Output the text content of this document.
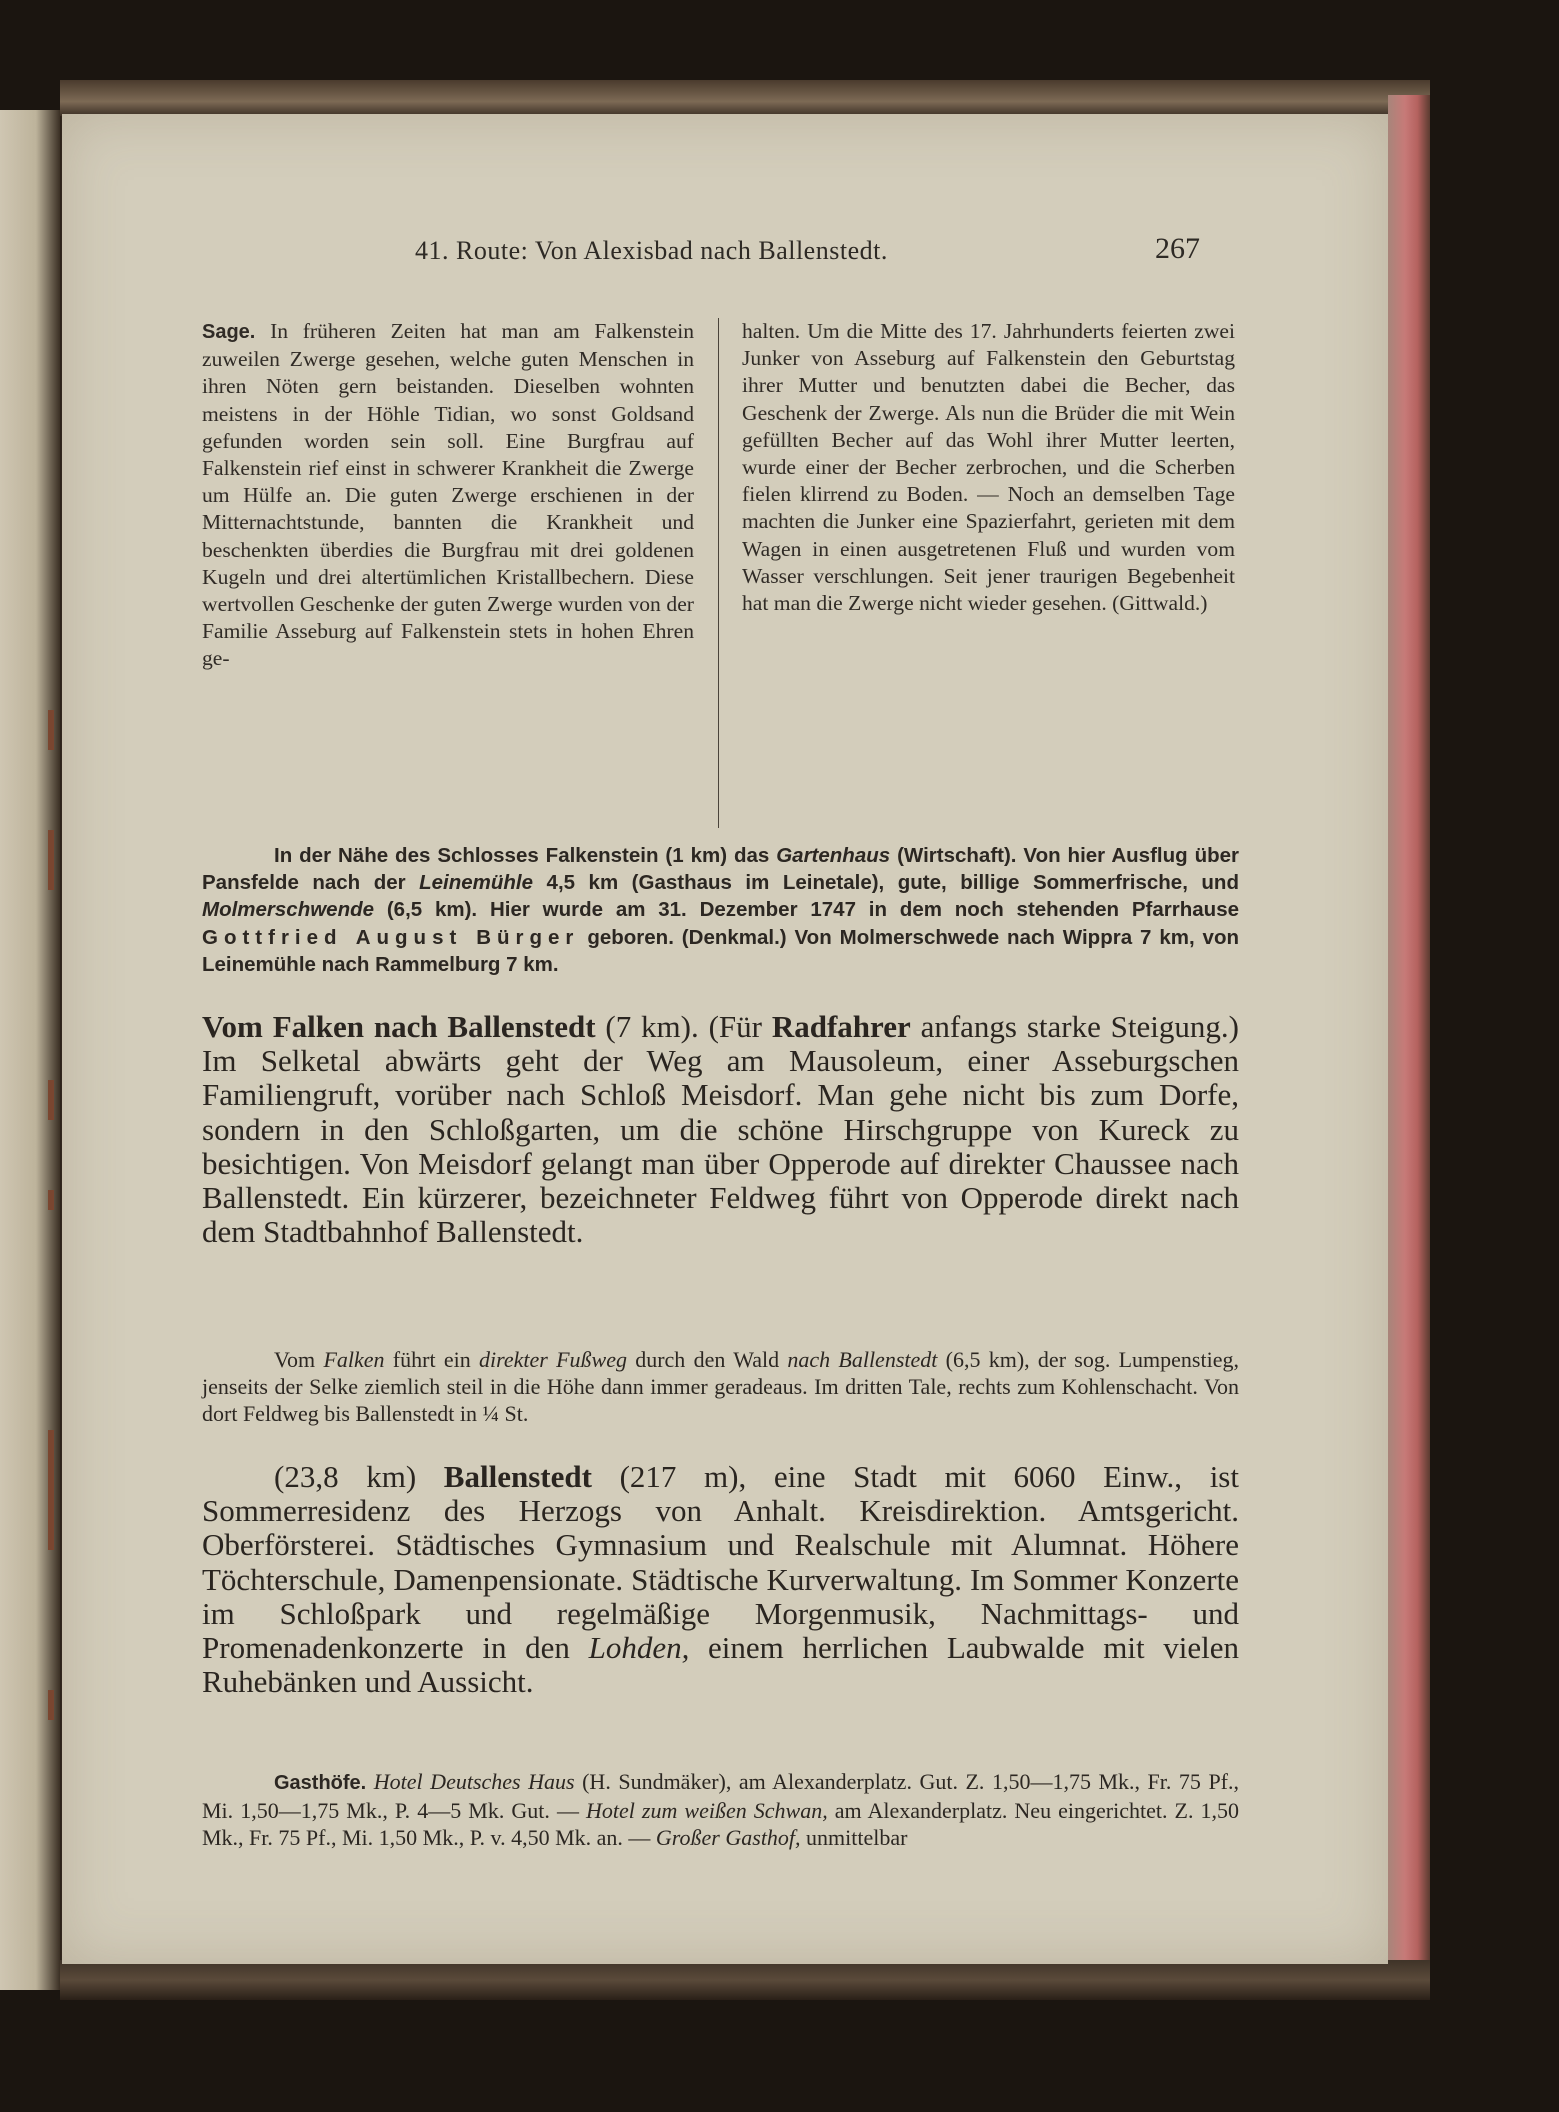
41. Route: Von Alexisbad nach Ballenstedt.	267
Sage. In früheren Zeiten hat man am Falkenstein zuweilen Zwerge gesehen, welche guten Menschen in ihren Nöten gern beistanden. Dieselben wohnten meistens in der Höhle Tidian, wo sonst Goldsand gefunden worden sein soll. Eine Burgfrau auf Falkenstein rief einst in schwerer Krankheit die Zwerge um Hülfe an. Die guten Zwerge erschienen in der Mitternachtstunde, bannten die Krankheit und beschenkten überdies die Burgfrau mit drei goldenen Kugeln und drei altertümlichen Kristallbechern. Diese wertvollen Geschenke der guten Zwerge wurden von der Familie Asseburg auf Falkenstein stets in hohen Ehren ge-
halten. Um die Mitte des 17. Jahrhunderts feierten zwei Junker von Asseburg auf Falkenstein den Geburtstag ihrer Mutter und benutzten dabei die Becher, das Geschenk der Zwerge. Als nun die Brüder die mit Wein gefüllten Becher auf das Wohl ihrer Mutter leerten, wurde einer der Becher zerbrochen, und die Scherben fielen klirrend zu Boden. — Noch an demselben Tage machten die Junker eine Spazierfahrt, gerieten mit dem Wagen in einen ausgetretenen Fluß und wurden vom Wasser verschlungen. Seit jener traurigen Begebenheit hat man die Zwerge nicht wieder gesehen. (Gittwald.)
In der Nähe des Schlosses Falkenstein (1 km) das Gartenhaus (Wirtschaft). Von hier Ausflug über Pansfelde nach der Leinemühle 4,5 km (Gasthaus im Leinetale), gute, billige Sommerfrische, und Molmerschwende (6,5 km). Hier wurde am 31. Dezember 1747 in dem noch stehenden Pfarrhause Gottfried August Bürger geboren. (Denkmal.) Von Molmerschwede nach Wippra 7 km, von Leinemühle nach Rammelburg 7 km.
Vom Falken nach Ballenstedt (7 km). (Für Radfahrer anfangs starke Steigung.) Im Selketal abwärts geht der Weg am Mausoleum, einer Asseburgschen Familiengruft, vorüber nach Schloß Meisdorf. Man gehe nicht bis zum Dorfe, sondern in den Schloßgarten, um die schöne Hirschgruppe von Kureck zu besichtigen. Von Meisdorf gelangt man über Opperode auf direkter Chaussee nach Ballenstedt. Ein kürzerer, bezeichneter Feldweg führt von Opperode direkt nach dem Stadtbahnhof Ballenstedt.
Vom Falken führt ein direkter Fußweg durch den Wald nach Ballenstedt (6,5 km), der sog. Lumpenstieg, jenseits der Selke ziemlich steil in die Höhe dann immer geradeaus. Im dritten Tale, rechts zum Kohlenschacht. Von dort Feldweg bis Ballenstedt in ¼ St.
(23,8 km) Ballenstedt (217 m), eine Stadt mit 6060 Einw., ist Sommerresidenz des Herzogs von Anhalt. Kreisdirektion. Amtsgericht. Oberförsterei. Städtisches Gymnasium und Realschule mit Alumnat. Höhere Töchterschule, Damenpensionate. Städtische Kurverwaltung. Im Sommer Konzerte im Schloßpark und regelmäßige Morgenmusik, Nachmittags- und Promenadenkonzerte in den Lohden, einem herrlichen Laubwalde mit vielen Ruhebänken und Aussicht.
Gasthöfe. Hotel Deutsches Haus (H. Sundmäker), am Alexanderplatz. Gut. Z. 1,50—1,75 Mk., Fr. 75 Pf., Mi. 1,50—1,75 Mk., P. 4—5 Mk. Gut. — Hotel zum weißen Schwan, am Alexanderplatz. Neu eingerichtet. Z. 1,50 Mk., Fr. 75 Pf., Mi. 1,50 Mk., P. v. 4,50 Mk. an. — Großer Gasthof, unmittelbar
